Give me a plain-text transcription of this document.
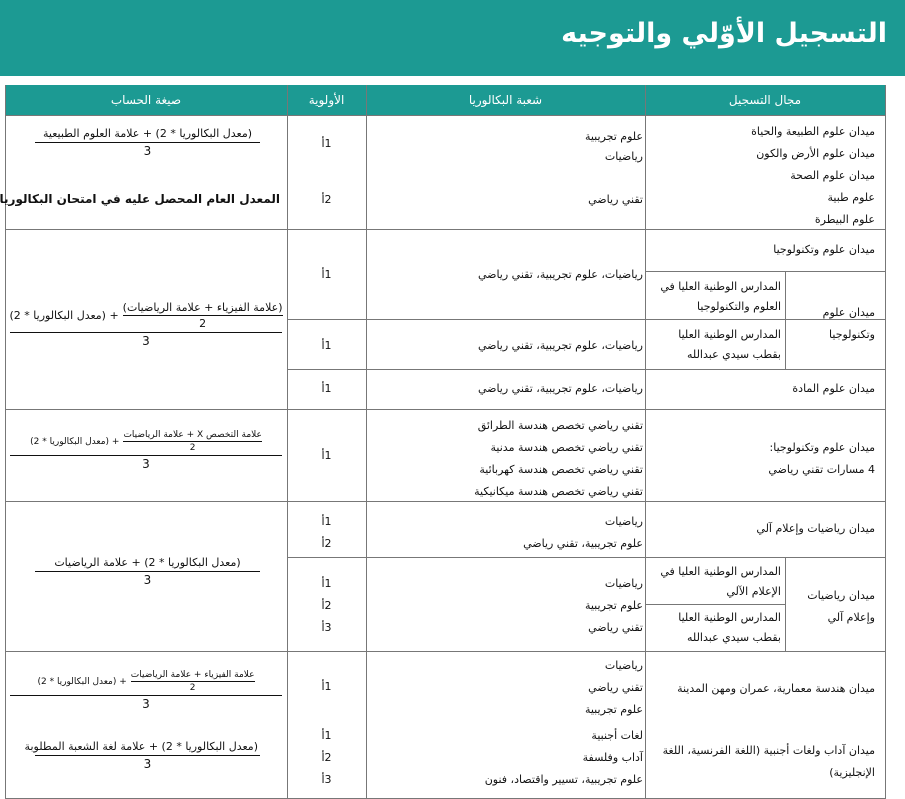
التسجيل الأوّلي والتوجيه
مجال التسجيل
شعبة البكالوريا
الأولوية
صيغة الحساب
ميدان علوم الطبيعة والحياة
ميدان علوم الأرض والكون
ميدان علوم الصحة
علوم طبية
علوم البيطرة
علوم تجريبية
رياضيات
تقني رياضي
1أ
2أ
(معدل البكالوريا * 2) + علامة العلوم الطبيعية
3
المعدل العام المحصل عليه في امتحان البكالوريا
ميدان علوم وتكنولوجيا
رياضيات، علوم تجريبية، تقني رياضي
1أ
ميدان علوم وتكنولوجيا
المدارس الوطنية العليا في
العلوم والتكنولوجيا
المدارس الوطنية العليا
بقطب سيدي عبدالله
رياضيات، علوم تجريبية، تقني رياضي
1أ
+ (معدل البكالوريا * 2)
(علامة الفيزياء + علامة الرياضيات)
2
3
ميدان علوم المادة
رياضيات، علوم تجريبية، تقني رياضي
1أ
ميدان علوم وتكنولوجيا:
4 مسارات تقني رياضي
تقني رياضي تخصص هندسة الطرائق
تقني رياضي تخصص هندسة مدنية
تقني رياضي تخصص هندسة كهربائية
تقني رياضي تخصص هندسة ميكانيكية
1أ
+ (معدل البكالوريا * 2)
علامة التخصص X + علامة الرياضيات
2
3
ميدان رياضيات وإعلام آلي
رياضيات
علوم تجريبية، تقني رياضي
1أ
2أ
(معدل البكالوريا * 2) + علامة الرياضيات
3
ميدان رياضيات وإعلام آلي
المدارس الوطنية العليا في
الإعلام الآلي
المدارس الوطنية العليا
بقطب سيدي عبدالله
رياضيات
علوم تجريبية
تقني رياضي
1أ
2أ
3أ
ميدان هندسة معمارية، عمران ومهن المدينة
رياضيات
تقني رياضي
علوم تجريبية
1أ
+ (معدل البكالوريا * 2)
علامة الفيزياء + علامة الرياضيات
2
3
ميدان آداب ولغات أجنبية (اللغة الفرنسية، اللغة
الإنجليزية)
لغات أجنبية
آداب وفلسفة
علوم تجريبية، تسيير واقتصاد، فنون
1أ
2أ
3أ
(معدل البكالوريا * 2) + علامة لغة الشعبة المطلوبة
3
